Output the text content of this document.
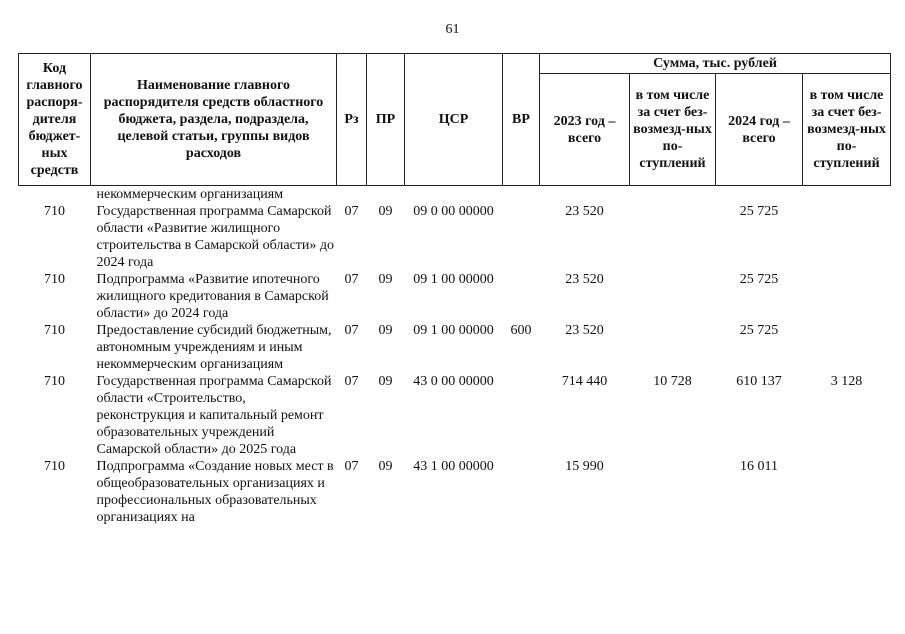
61
Код главного распоря-дителя бюджет-ных средств	Наименование главного распорядителя средств областного бюджета, раздела, подраздела, целевой статьи, группы видов расходов	Рз	ПР	ЦСР	ВР	Сумма, тыс. рублей			
						2023 год – всего	в том числе за счет без-возмезд-ных по-ступлений	2024 год – всего	в том числе за счет без-возмезд-ных по-ступлений
	некоммерческим организациям								
710	Государственная программа Самарской области «Развитие жилищного строительства в Самарской области» до 2024 года	07	09	09 0 00 00000		23 520		25 725	
710	Подпрограмма «Развитие ипотечного жилищного кредитования в Самарской области» до 2024 года	07	09	09 1 00 00000		23 520		25 725	
710	Предоставление субсидий бюджетным, автономным учреждениям и иным некоммерческим организациям	07	09	09 1 00 00000	600	23 520		25 725	
710	Государственная программа Самарской области «Строительство, реконструкция и капитальный ремонт образовательных учреждений Самарской области» до 2025 года	07	09	43 0 00 00000		714 440	10 728	610 137	3 128
710	Подпрограмма «Создание новых мест в общеобразовательных организациях и профессиональных образовательных организациях на	07	09	43 1 00 00000		15 990		16 011	
